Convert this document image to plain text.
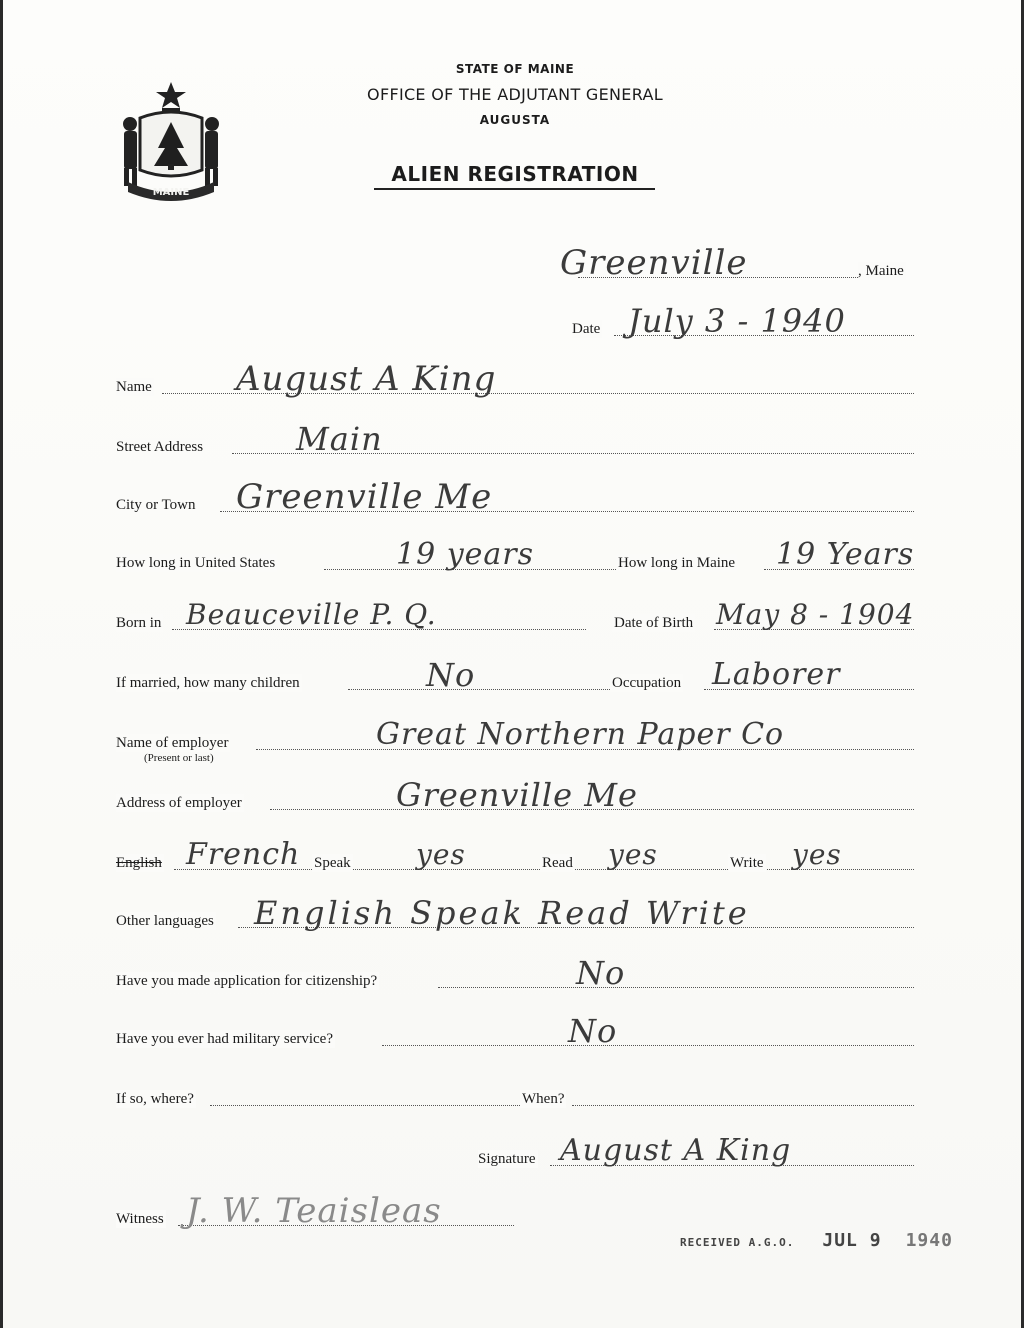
MAINE
STATE OF MAINE
OFFICE OF THE ADJUTANT GENERAL
AUGUSTA
ALIEN REGISTRATION
Greenville	, Maine
Date July 3 - 1940
Name August A King
Street Address	Main
City or Town Greenville Me
How long in United States	19 years	How long in Maine 19 Years
Born in Beauceville P. Q.	Date of Birth May 8 - 1904
If married, how many children	No	Occupation Laborer
Name of employer	Great Northern Paper Co
(Present or last)
Address of employer	Greenville Me
English French Speak yes	Read yes	Write yes
Other languages English Speak Read Write
Have you made application for citizenship?	No
Have you ever had military service?	No
If so, where?	When?
Signature August A King
Witness J. W. Teaisleas
RECEIVED A.G.O. JUL 9 1940
